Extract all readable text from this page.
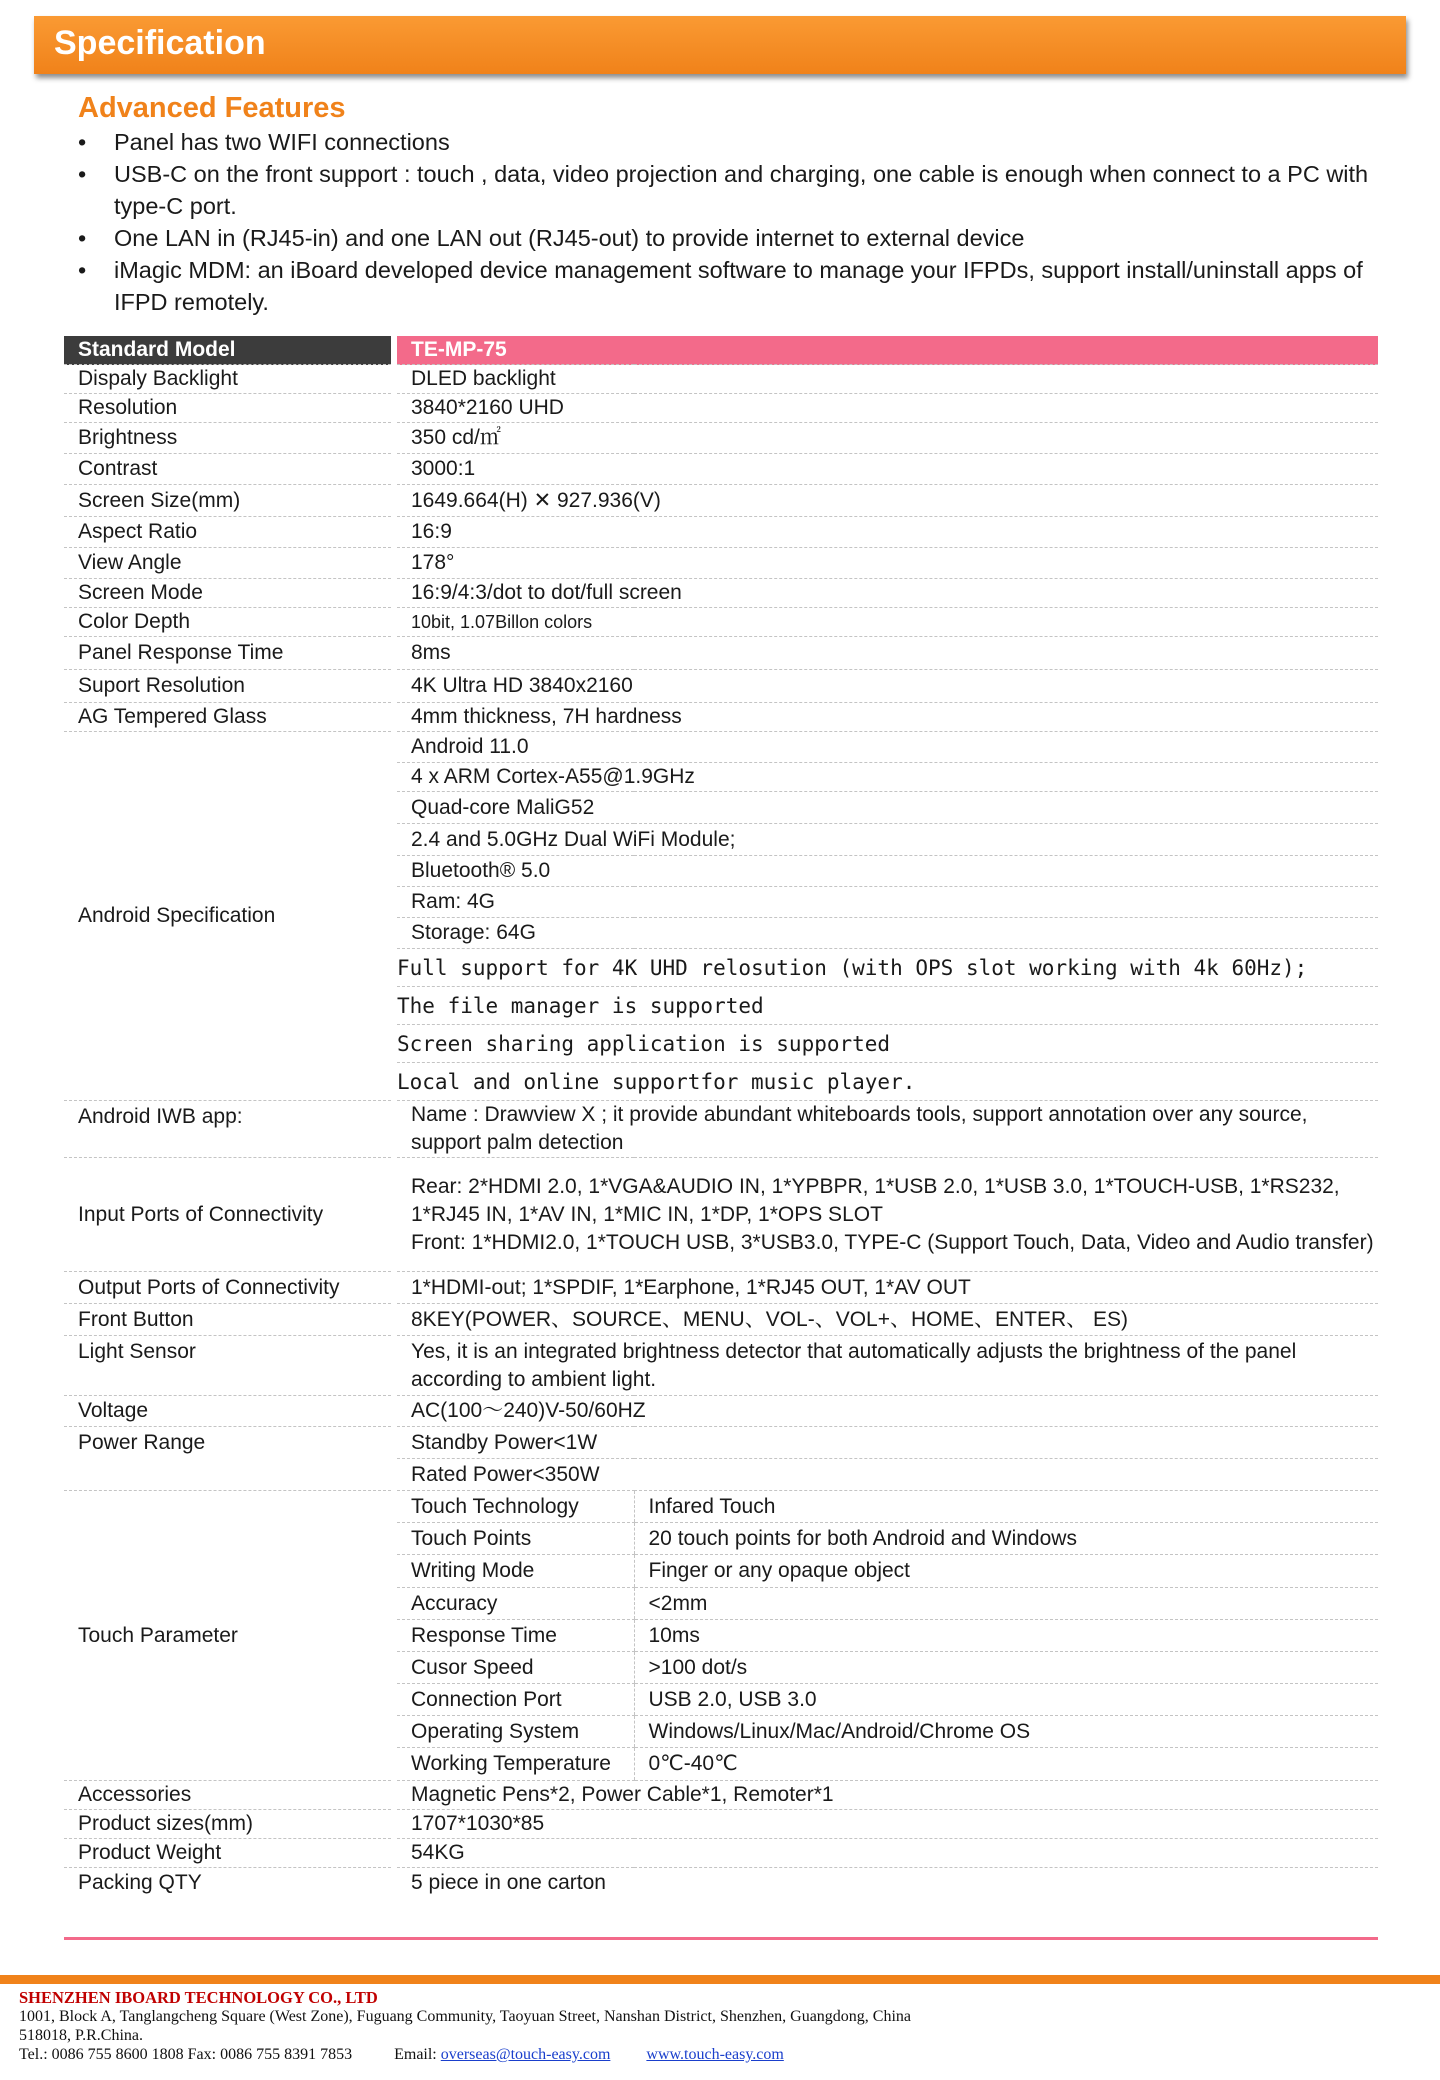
Specification
Advanced Features
• Panel has two WIFI connections
• USB-C on the front support : touch , data, video projection and charging, one cable is enough when connect to a PC with type-C port.
• One LAN in (RJ45-in) and one LAN out (RJ45-out) to provide internet to external device
• iMagic MDM: an iBoard developed device management software to manage your IFPDs, support install/uninstall apps of IFPD remotely.
Standard Model	TE-MP-75	
Dispaly Backlight	DLED backlight	
Resolution	3840*2160 UHD	
Brightness	350 cd/㎡	
Contrast	3000:1	
Screen Size(mm)	1649.664(H) ✕ 927.936(V)	
Aspect Ratio	16:9	
View Angle	178°	
Screen Mode	16:9/4:3/dot to dot/full screen	
Color Depth	10bit, 1.07Billon colors	
Panel Response Time	8ms	
Suport Resolution	4K Ultra HD 3840x2160	
AG Tempered Glass	4mm thickness, 7H hardness	
Android Specification	Android 11.0	
	4 x ARM Cortex-A55@1.9GHz	
	Quad-core MaliG52	
	2.4 and 5.0GHz Dual WiFi Module;	
	Bluetooth® 5.0	
	Ram: 4G	
	Storage: 64G	
	Full support for 4K UHD relosution (with OPS slot working with 4k 60Hz);	
	The file manager is supported	
	Screen sharing application is supported	
	Local and online supportfor music player.	
Android IWB app:	Name : Drawview X ; it provide abundant whiteboards tools, support annotation over any source, support palm detection	
Input Ports of Connectivity	Rear: 2*HDMI 2.0, 1*VGA&AUDIO IN, 1*YPBPR, 1*USB 2.0, 1*USB 3.0, 1*TOUCH-USB, 1*RS232, 1*RJ45 IN, 1*AV IN, 1*MIC IN, 1*DP, 1*OPS SLOT
Front: 1*HDMI2.0, 1*TOUCH USB, 3*USB3.0, TYPE-C (Support Touch, Data, Video and Audio transfer)	

Output Ports of Connectivity	1*HDMI-out; 1*SPDIF, 1*Earphone, 1*RJ45 OUT, 1*AV OUT	
Front Button	8KEY(POWER、SOURCE、MENU、VOL-、VOL+、HOME、ENTER、 ES)	
Light Sensor	Yes, it is an integrated brightness detector that automatically adjusts the brightness of the panel according to ambient light.	
Voltage	AC(100～240)V-50/60HZ	
Power Range	Standby Power<1W	
	Rated Power<350W	
Touch Parameter	Touch Technology	Infared Touch
	Touch Points	20 touch points for both Android and Windows
	Writing Mode	Finger or any opaque object
	Accuracy	<2mm
	Response Time	10ms
	Cusor Speed	>100 dot/s
	Connection Port	USB 2.0, USB 3.0
	Operating System	Windows/Linux/Mac/Android/Chrome OS
	Working Temperature	0℃-40℃
Accessories	Magnetic Pens*2, Power Cable*1, Remoter*1	
Product sizes(mm)	1707*1030*85	
Product Weight	54KG	
Packing QTY	5 piece in one carton	
SHENZHEN IBOARD TECHNOLOGY CO., LTD
1001, Block A, Tanglangcheng Square (West Zone), Fuguang Community, Taoyuan Street, Nanshan District, Shenzhen, Guangdong, China
518018, P.R.China.
Tel.: 0086 755 8600 1808 Fax: 0086 755 8391 7853	Email: overseas@touch-easy.com www.touch-easy.com
